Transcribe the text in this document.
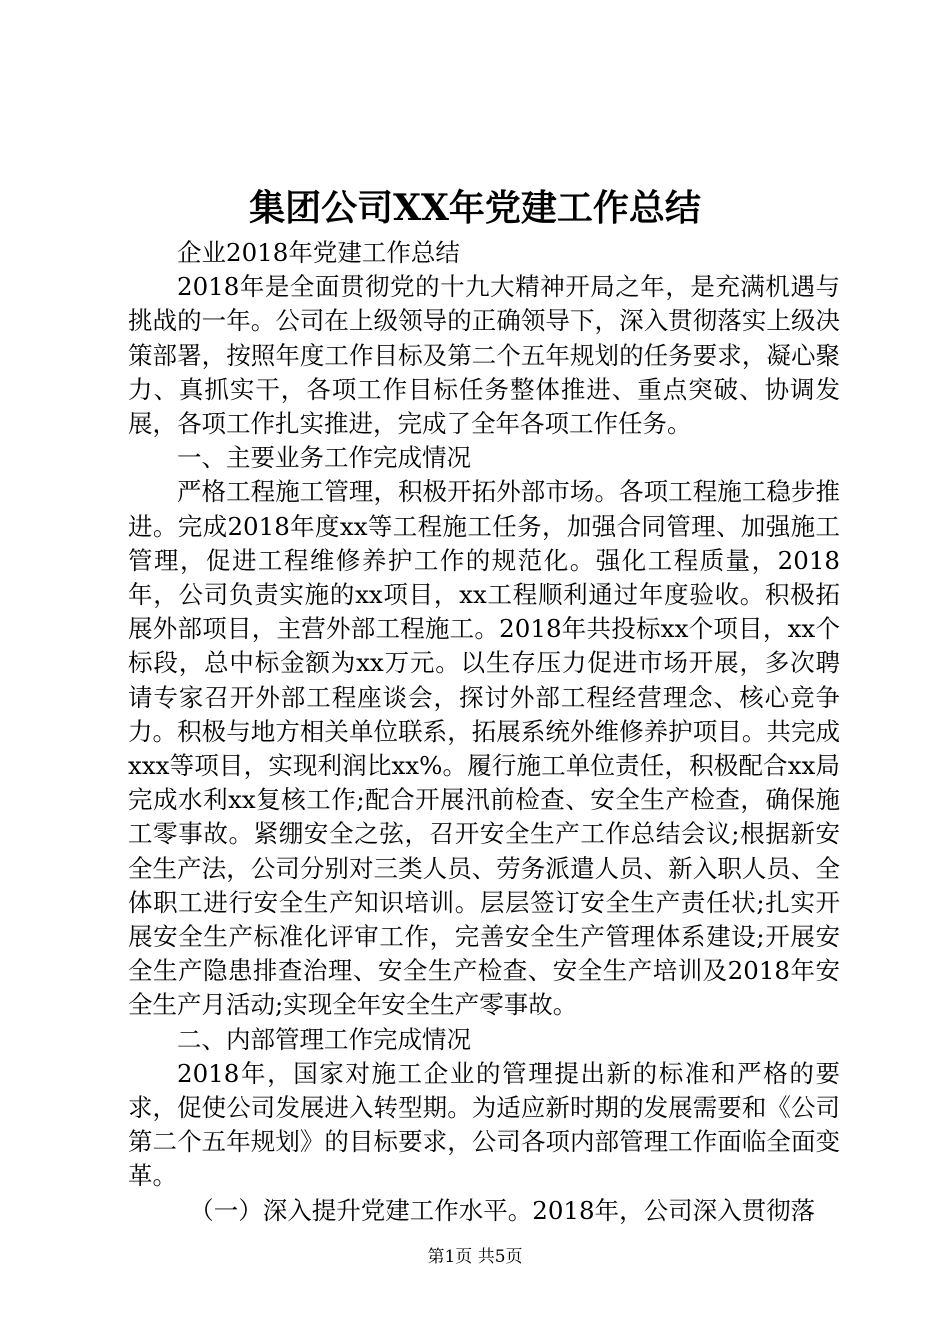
集团公司XX年党建工作总结

企业2018年党建工作总结

2018年是全面贯彻党的十九大精神开局之年，是充满机遇与挑战的一年。公司在上级领导的正确领导下，深入贯彻落实上级决策部署，按照年度工作目标及第二个五年规划的任务要求，凝心聚力、真抓实干，各项工作目标任务整体推进、重点突破、协调发展，各项工作扎实推进，完成了全年各项工作任务。

一、主要业务工作完成情况

严格工程施工管理，积极开拓外部市场。各项工程施工稳步推进。完成2018年度xx等工程施工任务，加强合同管理、加强施工管理，促进工程维修养护工作的规范化。强化工程质量，2018年，公司负责实施的xx项目，xx工程顺利通过年度验收。积极拓展外部项目，主营外部工程施工。2018年共投标xx个项目，xx个标段，总中标金额为xx万元。以生存压力促进市场开展，多次聘请专家召开外部工程座谈会，探讨外部工程经营理念、核心竞争力。积极与地方相关单位联系，拓展系统外维修养护项目。共完成xxx等项目，实现利润比xx%。履行施工单位责任，积极配合xx局完成水利xx复核工作;配合开展汛前检查、安全生产检查，确保施工零事故。紧绷安全之弦，召开安全生产工作总结会议;根据新安全生产法，公司分别对三类人员、劳务派遣人员、新入职人员、全体职工进行安全生产知识培训。层层签订安全生产责任状;扎实开展安全生产标准化评审工作，完善安全生产管理体系建设;开展安全生产隐患排查治理、安全生产检查、安全生产培训及2018年安全生产月活动;实现全年安全生产零事故。

二、内部管理工作完成情况

2018年，国家对施工企业的管理提出新的标准和严格的要求，促使公司发展进入转型期。为适应新时期的发展需要和《公司第二个五年规划》的目标要求，公司各项内部管理工作面临全面变革。

（一）深入提升党建工作水平。2018年，公司深入贯彻落

第1页 共5页
